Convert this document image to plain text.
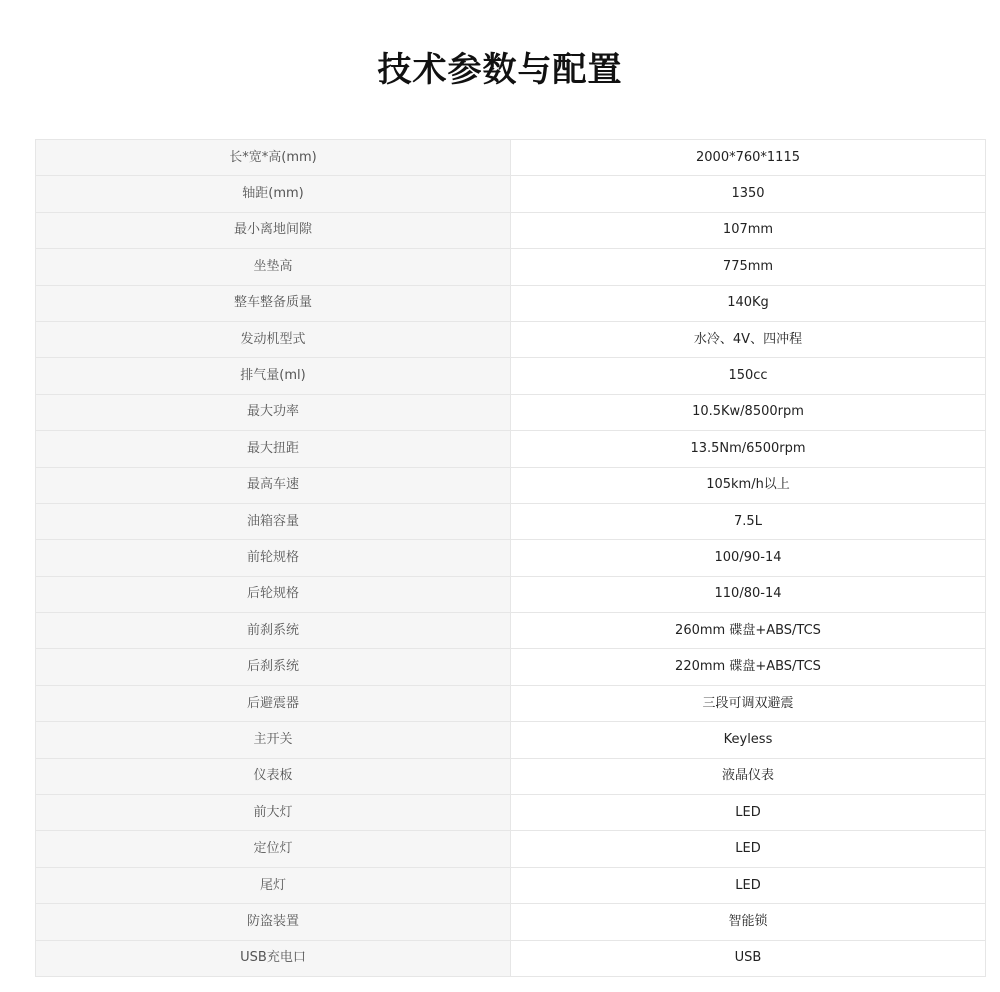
技术参数与配置
长*宽*高(mm)	2000*760*1115
轴距(mm)	1350
最小离地间隙	107mm
坐垫高	775mm
整车整备质量	140Kg
发动机型式	水冷、4V、四冲程
排气量(ml)	150cc
最大功率	10.5Kw/8500rpm
最大扭距	13.5Nm/6500rpm
最高车速	105km/h以上
油箱容量	7.5L
前轮规格	100/90-14
后轮规格	110/80-14
前刹系统	260mm 碟盘+ABS/TCS
后刹系统	220mm 碟盘+ABS/TCS
后避震器	三段可调双避震
主开关	Keyless
仪表板	液晶仪表
前大灯	LED
定位灯	LED
尾灯	LED
防盗装置	智能锁
USB充电口	USB
